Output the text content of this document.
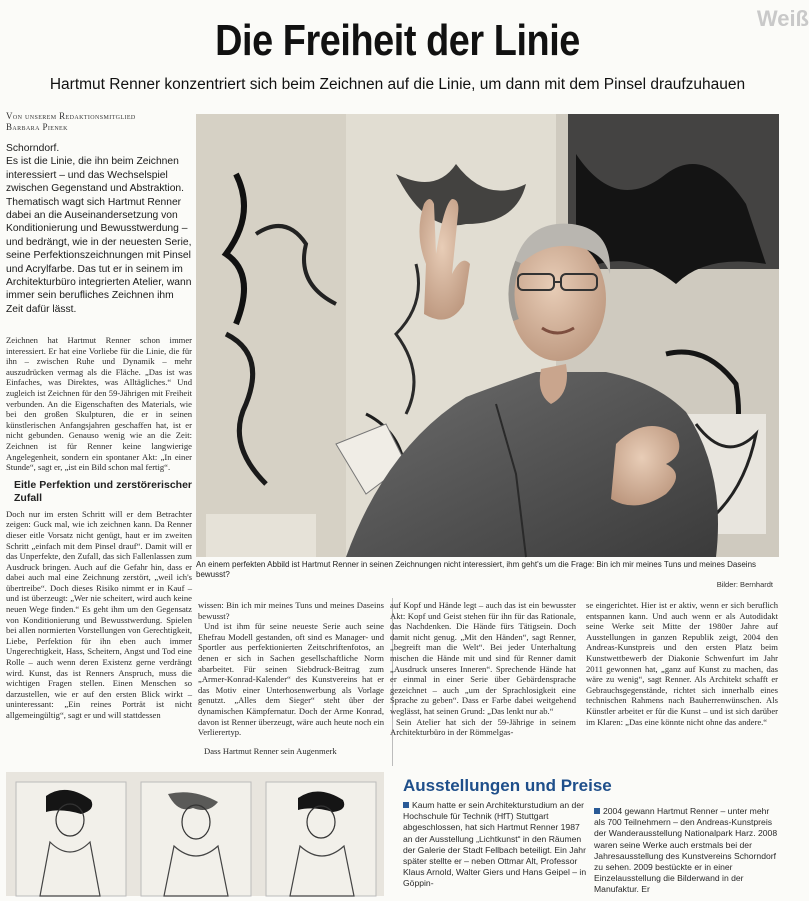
Weiß
Die Freiheit der Linie
Hartmut Renner konzentriert sich beim Zeichnen auf die Linie, um dann mit dem Pinsel draufzuhauen
Von unserem Redaktionsmitglied
Barbara Pienek

Schorndorf.

Es ist die Linie, die ihn beim Zeichnen interessiert – und das Wechselspiel zwischen Gegenstand und Abstraktion. Thematisch wagt sich Hartmut Renner dabei an die Auseinandersetzung von Konditionierung und Bewusstwerdung – und bedrängt, wie in der neuesten Serie, seine Perfektionszeichnungen mit Pinsel und Acrylfarbe. Das tut er in seinem im Architekturbüro integrierten Atelier, wann immer sein berufliches Zeichnen ihm Zeit dafür lässt.

Zeichnen hat Hartmut Renner schon immer interessiert. Er hat eine Vorliebe für die Linie, die für ihn – zwischen Ruhe und Dynamik – mehr auszudrücken vermag als die Fläche. „Das ist was Einfaches, was Direktes, was Alltägliches.“ Und zugleich ist Zeichnen für den 59-Jährigen mit Freiheit verbunden. An die Eigenschaften des Materials, wie bei den großen Skulpturen, die er in seinen künstlerischen Anfangsjahren geschaffen hat, ist er nicht gebunden. Genauso wenig wie an die Zeit: Zeichnen ist für Renner keine langwierige Angelegenheit, sondern ein spontaner Akt: „In einer Stunde“, sagt er, „ist ein Bild schon mal fertig“.

Eitle Perfektion und zerstörerischer Zufall

Doch nur im ersten Schritt will er dem Betrachter zeigen: Guck mal, wie ich zeichnen kann. Da Renner dieser eitle Vorsatz nicht genügt, haut er im zweiten Schritt „einfach mit dem Pinsel drauf“. Damit will er das Unperfekte, den Zufall, das sich Fallenlassen zum Ausdruck bringen. Auch auf die Gefahr hin, dass er dabei auch mal eine Zeichnung zerstört, „weil ich's übertreibe“. Doch dieses Risiko nimmt er in Kauf – und ist überzeugt: „Wer nie scheitert, wird auch keine neuen Wege finden.“ Es geht ihm um den Gegensatz von Konditionierung und Bewusstwerdung. Spielen bei allen normierten Vorstellungen von Gerechtigkeit, Liebe, Perfektion für ihn eben auch immer Ungerechtigkeit, Hass, Scheitern, Angst und Tod eine Rolle – auch wenn deren Existenz gerne verdrängt wird. Kunst, das ist Renners Anspruch, muss die wichtigen Fragen stellen. Einen Menschen so darzustellen, wie er auf den ersten Blick wirkt – uninteressant: „Ein reines Porträt ist nicht allgemeingültig“, sagt er und will stattdessen

An einem perfekten Abbild ist Hartmut Renner in seinen Zeichnungen nicht interessiert, ihm geht's um die Frage: Bin ich mir meines Tuns und meines Daseins bewusst?
Bilder: Bernhardt

wissen: Bin ich mir meines Tuns und meines Daseins bewusst?

Und ist ihm für seine neueste Serie auch seine Ehefrau Modell gestanden, oft sind es Manager- und Sportler aus perfektionierten Zeitschriftenfotos, an denen er sich in Sachen gesellschaftliche Norm abarbeitet. Für seinen Siebdruck-Beitrag zum „Armer-Konrad-Kalender“ des Kunstvereins hat er das Motiv einer Unterhosenwerbung als Vorlage genutzt. „Alles dem Sieger“ steht über der dynamischen Kämpfernatur. Doch der Arme Konrad, davon ist Renner überzeugt, wäre auch heute noch ein Verlierertyp.

Dass Hartmut Renner sein Augenmerk

auf Kopf und Hände legt – auch das ist ein bewusster Akt: Kopf und Geist stehen für ihn für das Rationale, das Nachdenken. Die Hände fürs Tätigsein. Doch damit nicht genug. „Mit den Händen“, sagt Renner, „begreift man die Welt“. Bei jeder Unterhaltung mischen die Hände mit und sind für Renner damit „Ausdruck unseres Inneren“. Sprechende Hände hat er einmal in einer Serie über Gebärdensprache gezeichnet – auch „um der Sprachlosigkeit eine Sprache zu geben“. Dass er Farbe dabei weitgehend weglässt, hat seinen Grund: „Das lenkt nur ab.“

Sein Atelier hat sich der 59-Jährige in seinem Architekturbüro in der Römmelgas-

se eingerichtet. Hier ist er aktiv, wenn er sich beruflich entspannen kann. Und auch wenn er als Autodidakt seine Werke seit Mitte der 1980er Jahre auf Ausstellungen in ganzen Republik zeigt, 2004 den Andreas-Kunstpreis und den ersten Platz beim Kunstwettbewerb der Diakonie Schwenfurt im Jahr 2011 gewonnen hat, „ganz auf Kunst zu machen, das wäre zu wenig“, sagt Renner. Als Architekt schafft er Gebrauchsgegenstände, richtet sich innerhalb eines technischen Rahmens nach Bauherrenwünschen. Als Künstler arbeitet er für die Kunst – und ist sich darüber im Klaren: „Das eine könnte nicht ohne das andere.“

Ausstellungen und Preise
Kaum hatte er sein Architekturstudium an der Hochschule für Technik (HfT) Stuttgart abgeschlossen, hat sich Hartmut Renner 1987 an der Ausstellung „Lichtkunst“ in den Räumen der Galerie der Stadt Fellbach beteiligt. Ein Jahr später stellte er – neben Ottmar Alt, Professor Klaus Arnold, Walter Giers und Hans Geipel – in Göppin-
2004 gewann Hartmut Renner – unter mehr als 700 Teilnehmern – den Andreas-Kunstpreis der Wanderausstellung Nationalpark Harz. 2008 waren seine Werke auch erstmals bei der Jahresausstellung des Kunstvereins Schorndorf zu sehen. 2009 bestückte er in einer Einzelausstellung die Bilderwand in der Manufaktur. Er
